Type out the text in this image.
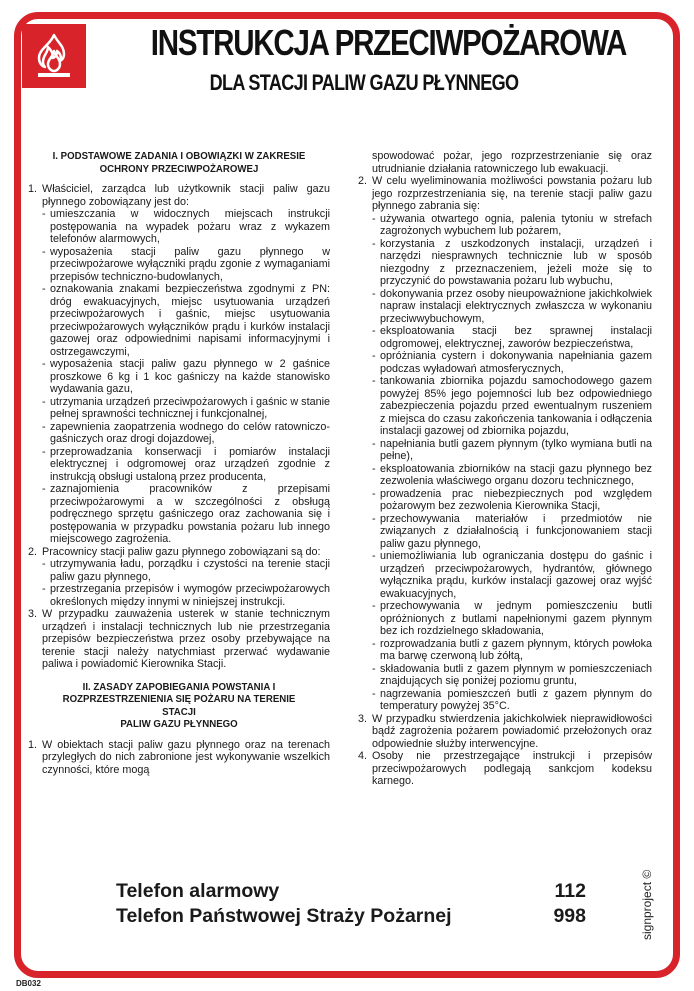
INSTRUKCJA PRZECIWPOŻAROWA
DLA STACJI PALIW GAZU PŁYNNEGO
I. PODSTAWOWE ZADANIA I OBOWIĄZKI W ZAKRESIE
OCHRONY PRZECIWPOŻAROWEJ
1. Właściciel, zarządca lub użytkownik stacji paliw gazu płynnego zobowiązany jest do:
- umieszczania w widocznych miejscach instrukcji postępowania na wypadek pożaru wraz z wykazem telefonów alarmowych,
- wyposażenia stacji paliw gazu płynnego w przeciwpożarowe wyłączniki prądu zgonie z wymaganiami przepisów techniczno-budowlanych,
- oznakowania znakami bezpieczeństwa zgodnymi z PN: dróg ewakuacyjnych, miejsc usytuowania urządzeń przeciwpożarowych i gaśnic, miejsc usytuowania przeciwpożarowych wyłączników prądu i kurków instalacji gazowej oraz odpowiednimi napisami informacyjnymi i ostrzegawczymi,
- wyposażenia stacji paliw gazu płynnego w 2 gaśnice proszkowe 6 kg i 1 koc gaśniczy na każde stanowisko wydawania gazu,
- utrzymania urządzeń przeciwpożarowych i gaśnic w stanie pełnej sprawności technicznej i funkcjonalnej,
- zapewnienia zaopatrzenia wodnego do celów ratowniczo-gaśniczych oraz drogi dojazdowej,
- przeprowadzania konserwacji i pomiarów instalacji elektrycznej i odgromowej oraz urządzeń zgodnie z instrukcją obsługi ustaloną przez producenta,
- zaznajomienia pracowników z przepisami przeciwpożarowymi a w szczególności z obsługą podręcznego sprzętu gaśniczego oraz zachowania się i postępowania w przypadku powstania pożaru lub innego miejscowego zagrożenia.
2. Pracownicy stacji paliw gazu płynnego zobowiązani są do:
- utrzymywania ładu, porządku i czystości na terenie stacji paliw gazu płynnego,
- przestrzegania przepisów i wymogów przeciwpożarowych określonych między innymi w niniejszej instrukcji.
3. W przypadku zauważenia usterek w stanie technicznym urządzeń i instalacji technicznych lub nie przestrzegania przepisów bezpieczeństwa przez osoby przebywające na terenie stacji należy natychmiast przerwać wydawanie paliwa i powiadomić Kierownika Stacji.
II. ZASADY ZAPOBIEGANIA POWSTANIA I
ROZPRZESTRZENIENIA SIĘ POŻARU NA TERENIE STACJI
PALIW GAZU PŁYNNEGO
1. W obiektach stacji paliw gazu płynnego oraz na terenach przyległych do nich zabronione jest wykonywanie wszelkich czynności, które mogą
spowodować pożar, jego rozprzestrzenianie się oraz utrudnianie działania ratowniczego lub ewakuacji.
2. W celu wyeliminowania możliwości powstania pożaru lub jego rozprzestrzeniania się, na terenie stacji paliw gazu płynnego zabrania się:
- używania otwartego ognia, palenia tytoniu w strefach zagrożonych wybuchem lub pożarem,
- korzystania z uszkodzonych instalacji, urządzeń i narzędzi niesprawnych technicznie lub w sposób niezgodny z przeznaczeniem, jeżeli może się to przyczynić do powstawania pożaru lub wybuchu,
- dokonywania przez osoby nieupoważnione jakichkolwiek napraw instalacji elektrycznych zwłaszcza w wykonaniu przeciwwybuchowym,
- eksploatowania stacji bez sprawnej instalacji odgromowej, elektrycznej, zaworów bezpieczeństwa,
- opróżniania cystern i dokonywania napełniania gazem podczas wyładowań atmosferycznych,
- tankowania zbiornika pojazdu samochodowego gazem powyżej 85% jego pojemności lub bez odpowiedniego zabezpieczenia pojazdu przed ewentualnym ruszeniem z miejsca do czasu zakończenia tankowania i odłączenia instalacji gazowej od zbiornika pojazdu,
- napełniania butli gazem płynnym (tylko wymiana butli na pełne),
- eksploatowania zbiorników na stacji gazu płynnego bez zezwolenia właściwego organu dozoru technicznego,
- prowadzenia prac niebezpiecznych pod względem pożarowym bez zezwolenia Kierownika Stacji,
- przechowywania materiałów i przedmiotów nie związanych z działalnością i funkcjonowaniem stacji paliw gazu płynnego,
- uniemożliwiania lub ograniczania dostępu do gaśnic i urządzeń przeciwpożarowych, hydrantów, głównego wyłącznika prądu, kurków instalacji gazowej oraz wyjść ewakuacyjnych,
- przechowywania w jednym pomieszczeniu butli opróżnionych z butlami napełnionymi gazem płynnym bez ich rozdzielnego składowania,
- rozprowadzania butli z gazem płynnym, których powłoka ma barwę czerwoną lub żółtą,
- składowania butli z gazem płynnym w pomieszczeniach znajdujących się poniżej poziomu gruntu,
- nagrzewania pomieszczeń butli z gazem płynnym do temperatury powyżej 35°C.
3. W przypadku stwierdzenia jakichkolwiek nieprawidłowości bądź zagrożenia pożarem powiadomić przełożonych oraz odpowiednie służby interwencyjne.
4. Osoby nie przestrzegające instrukcji i przepisów przeciwpożarowych podlegają sankcjom kodeksu karnego.
Telefon alarmowy	112
Telefon Państwowej Straży Pożarnej	998	signproject ©
DB032
